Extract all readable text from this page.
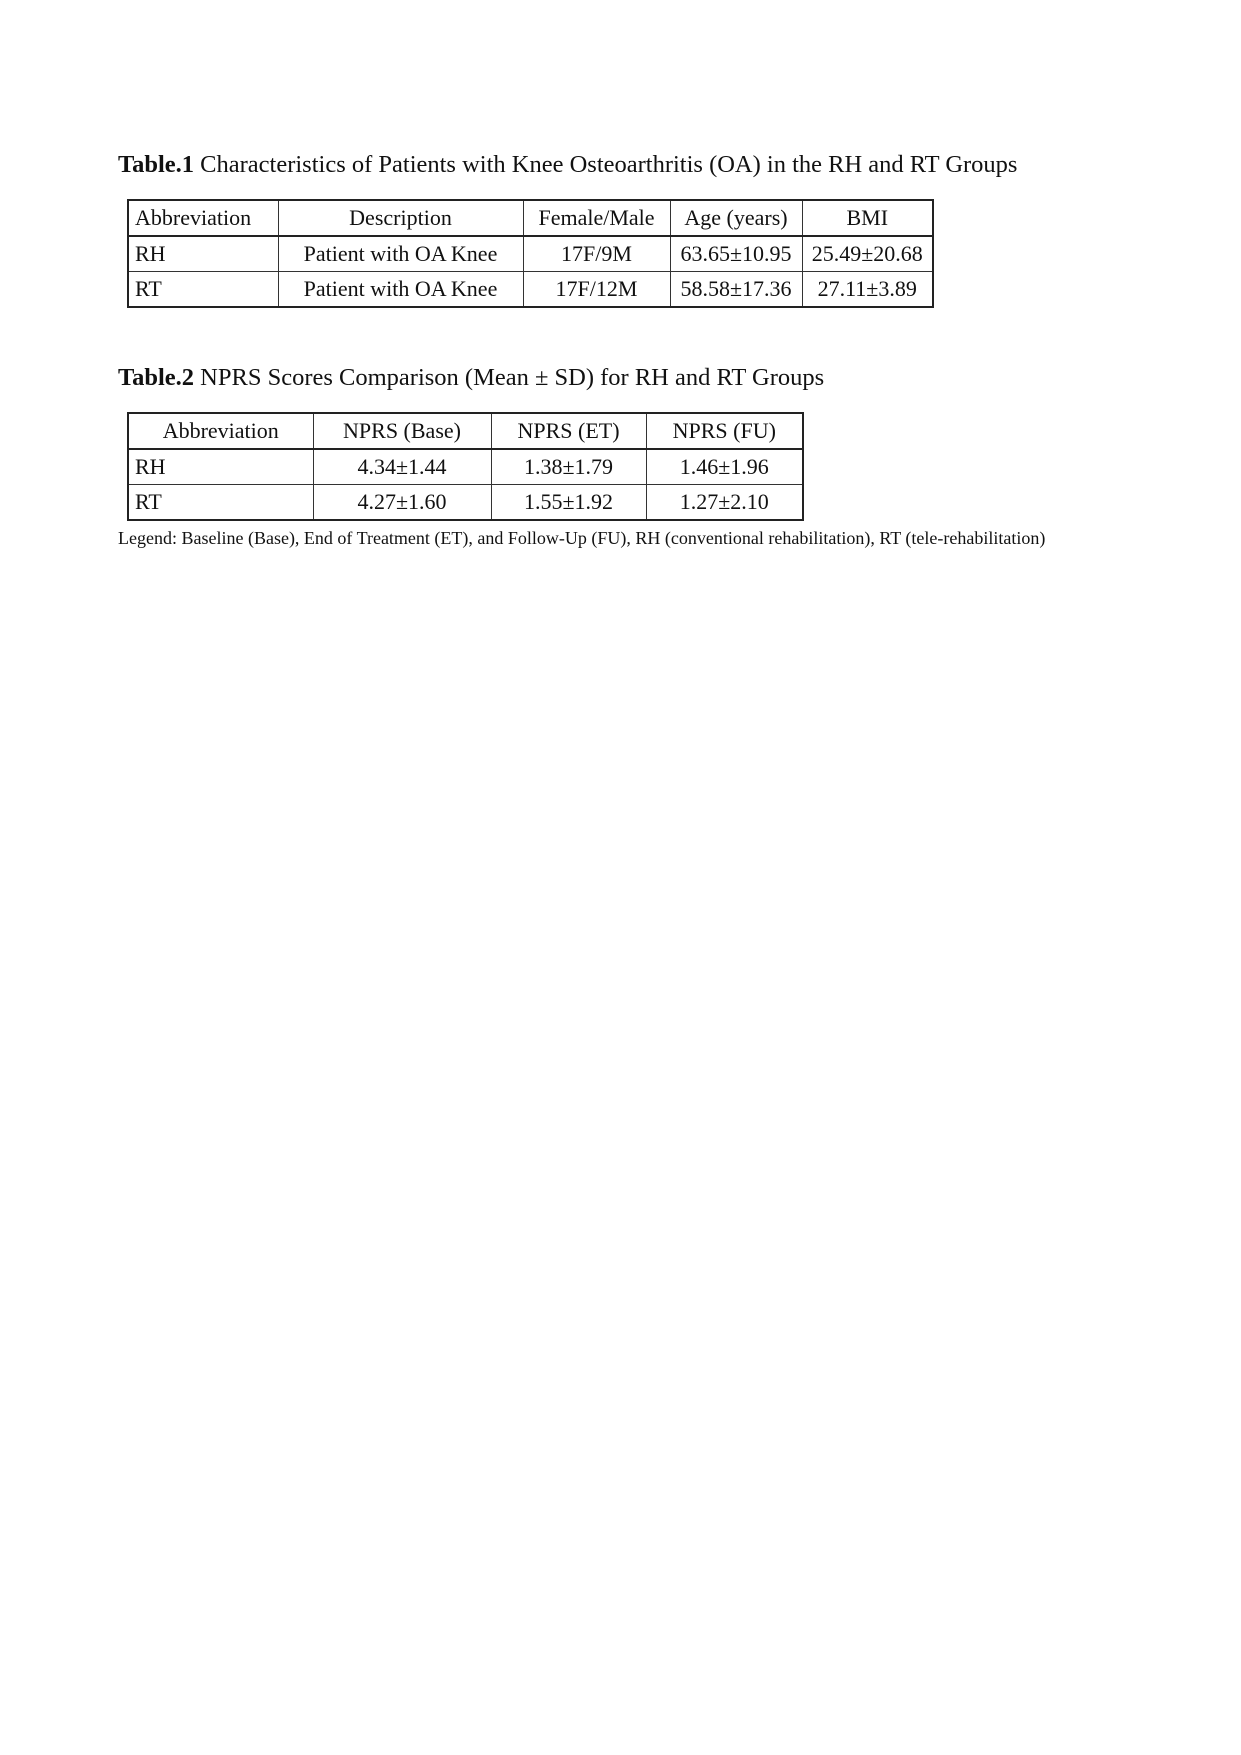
Table.1 Characteristics of Patients with Knee Osteoarthritis (OA) in the RH and RT Groups
Abbreviation	Description	Female/Male	Age (years)	BMI
RH	Patient with OA Knee	17F/9M	63.65±10.95	25.49±20.68
RT	Patient with OA Knee	17F/12M	58.58±17.36	27.11±3.89
Table.2 NPRS Scores Comparison (Mean ± SD) for RH and RT Groups
Abbreviation	NPRS (Base)	NPRS (ET)	NPRS (FU)
RH	4.34±1.44	1.38±1.79	1.46±1.96
RT	4.27±1.60	1.55±1.92	1.27±2.10
Legend: Baseline (Base), End of Treatment (ET), and Follow-Up (FU), RH (conventional rehabilitation), RT (tele-rehabilitation)
